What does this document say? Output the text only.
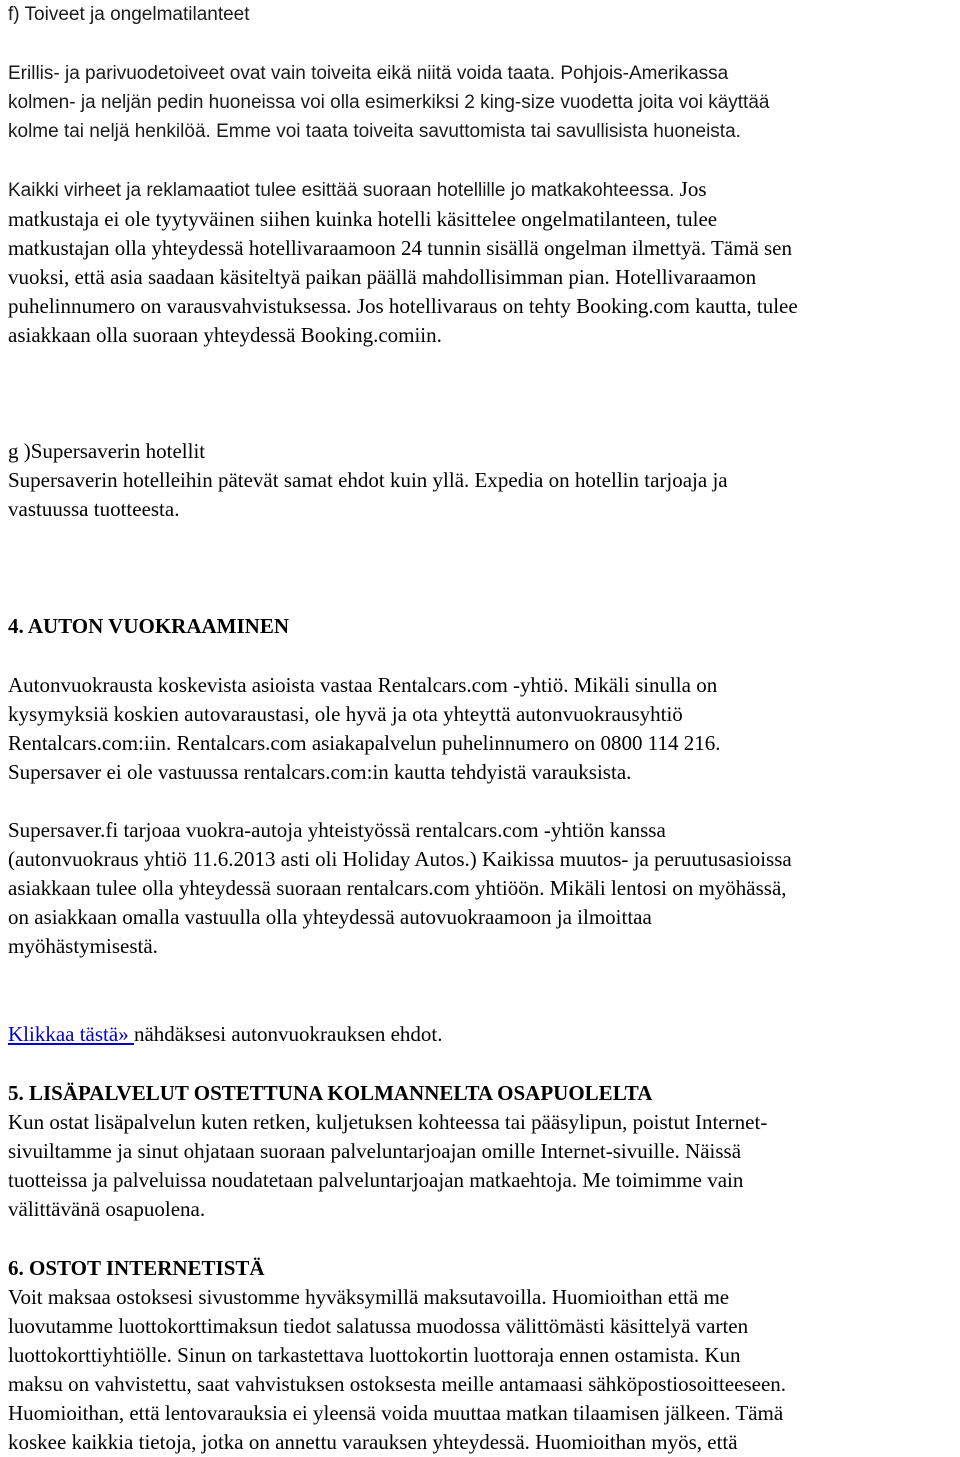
f) Toiveet ja ongelmatilanteet

Erillis- ja parivuodetoiveet ovat vain toiveita eikä niitä voida taata. Pohjois-Amerikassa
kolmen- ja neljän pedin huoneissa voi olla esimerkiksi 2 king-size vuodetta joita voi käyttää
kolme tai neljä henkilöä. Emme voi taata toiveita savuttomista tai savullisista huoneista.

Kaikki virheet ja reklamaatiot tulee esittää suoraan hotellille jo matkakohteessa. Jos
matkustaja ei ole tyytyväinen siihen kuinka hotelli käsittelee ongelmatilanteen, tulee
matkustajan olla yhteydessä hotellivaraamoon 24 tunnin sisällä ongelman ilmettyä. Tämä sen
vuoksi, että asia saadaan käsiteltyä paikan päällä mahdollisimman pian. Hotellivaraamon
puhelinnumero on varausvahvistuksessa. Jos hotellivaraus on tehty Booking.com kautta, tulee
asiakkaan olla suoraan yhteydessä Booking.comiin.

g )Supersaverin hotellit

Supersaverin hotelleihin pätevät samat ehdot kuin yllä. Expedia on hotellin tarjoaja ja
vastuussa tuotteesta.

4. AUTON VUOKRAAMINEN

Autonvuokrausta koskevista asioista vastaa Rentalcars.com -yhtiö. Mikäli sinulla on
kysymyksiä koskien autovaraustasi, ole hyvä ja ota yhteyttä autonvuokrausyhtiö
Rentalcars.com:iin. Rentalcars.com asiakapalvelun puhelinnumero on 0800 114 216.
Supersaver ei ole vastuussa rentalcars.com:in kautta tehdyistä varauksista.

Supersaver.fi tarjoaa vuokra-autoja yhteistyössä rentalcars.com -yhtiön kanssa
(autonvuokraus yhtiö 11.6.2013 asti oli Holiday Autos.) Kaikissa muutos- ja peruutusasioissa
asiakkaan tulee olla yhteydessä suoraan rentalcars.com yhtiöön. Mikäli lentosi on myöhässä,
on asiakkaan omalla vastuulla olla yhteydessä autovuokraamoon ja ilmoittaa
myöhästymisestä.

Klikkaa tästä» nähdäksesi autonvuokrauksen ehdot.

5. LISÄPALVELUT OSTETTUNA KOLMANNELTA OSAPUOLELTA

Kun ostat lisäpalvelun kuten retken, kuljetuksen kohteessa tai pääsylipun, poistut Internet-
sivuiltamme ja sinut ohjataan suoraan palveluntarjoajan omille Internet-sivuille. Näissä
tuotteissa ja palveluissa noudatetaan palveluntarjoajan matkaehtoja. Me toimimme vain
välittävänä osapuolena.

6. OSTOT INTERNETISTÄ

Voit maksaa ostoksesi sivustomme hyväksymillä maksutavoilla. Huomioithan että me
luovutamme luottokorttimaksun tiedot salatussa muodossa välittömästi käsittelyä varten
luottokorttiyhtiölle. Sinun on tarkastettava luottokortin luottoraja ennen ostamista. Kun
maksu on vahvistettu, saat vahvistuksen ostoksesta meille antamaasi sähköpostiosoitteeseen.
Huomioithan, että lentovarauksia ei yleensä voida muuttaa matkan tilaamisen jälkeen. Tämä
koskee kaikkia tietoja, jotka on annettu varauksen yhteydessä. Huomioithan myös, että
